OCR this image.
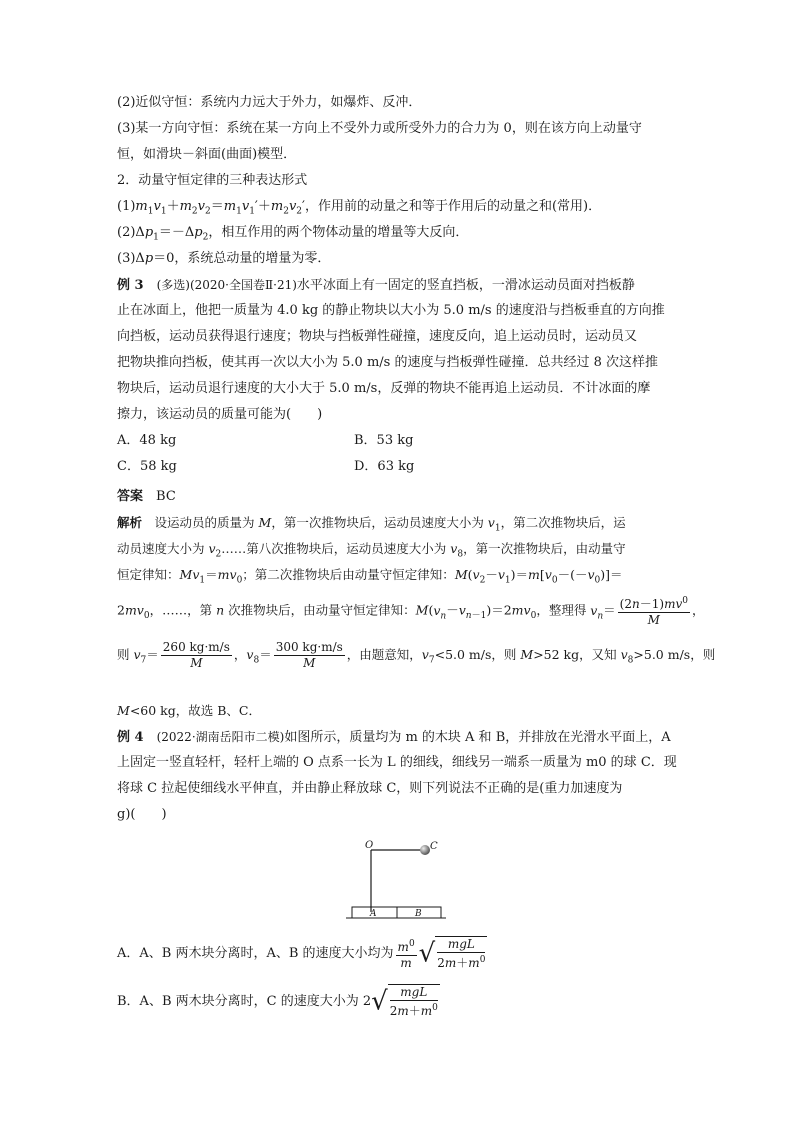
(2)近似守恒：系统内力远大于外力，如爆炸、反冲．
(3)某一方向守恒：系统在某一方向上不受外力或所受外力的合力为 0，则在该方向上动量守
恒，如滑块－斜面(曲面)模型．
2．动量守恒定律的三种表达形式
$(1)m_1v_1+m_2v_2=m_1v_1'+m_2v_2'$，作用前的动量之和等于作用后的动量之和(常用)．
$(2)\Delta p_1=-\Delta p_2$，相互作用的两个物体动量的增量等大反向．
(3)Δp＝0，系统总动量的增量为零．
例 3　 (多选)(2020·全国卷Ⅱ·21)水平冰面上有一固定的竖直挡板，一滑冰运动员面对挡板静
止在冰面上，他把一质量为 4.0 kg 的静止物块以大小为 5.0 m/s 的速度沿与挡板垂直的方向推
向挡板，运动员获得退行速度；物块与挡板弹性碰撞，速度反向，追上运动员时，运动员又
把物块推向挡板，使其再一次以大小为 5.0 m/s 的速度与挡板弹性碰撞．总共经过 8 次这样推
物块后，运动员退行速度的大小大于 5.0 m/s，反弹的物块不能再追上运动员．不计冰面的摩
擦力，该运动员的质量可能为(　　)
A．48 kg	B．53 kg
C．58 kg	D．63 kg
答案　 BC
解析　设运动员的质量为 M，第一次推物块后，运动员速度大小为 $v_1$，第二次推物块后，运
动员速度大小为 $v_2\dots\dots$第八次推物块后，运动员速度大小为 $v_8$，第一次推物块后，由动量守
恒定律知：$Mv_1=mv_0$；第二次推物块后由动量守恒定律知：$M(v_2-v_1)=m[v_0-(-v_0)]=$
$2mv_0$，……，第 n 次推物块后，由动量守恒定律知：$M(v_n-v_{n-1})=2mv_0$，整理得 $v_n= \frac{(2n-1)mv^0}{M}$ ，
则 $v_7= \frac{260 kg\cdot m/s}{M}$ ，$v_8= \frac{300 kg\cdot m/s}{M}$ ，由题意知，$v_7<5.0$ m/s，则 M>52 kg，又知 $v_8>5.0$ m/s，则
M<60 kg，故选 B、C．
例 4　 (2022·湖南岳阳市二模)如图所示，质量均为 m 的木块 A 和 B，并排放在光滑水平面上，A
上固定一竖直轻杆，轻杆上端的 O 点系一长为 L 的细线，细线另一端系一质量为 m0 的球 C．现
将球 C 拉起使细线水平伸直，并由静止释放球 C，则下列说法不正确的是(重力加速度为
g)(　　)
O	C
A	B
A．A、B 两木块分离时，A、B 的速度大小均为 $\frac{m^0}{m}$ √ $\frac{\text{mgL}}{2m+m^0}$
B．A、B 两木块分离时，C 的速度大小为 $2√ \frac{\text{mgL}}{2m+m^0}$
